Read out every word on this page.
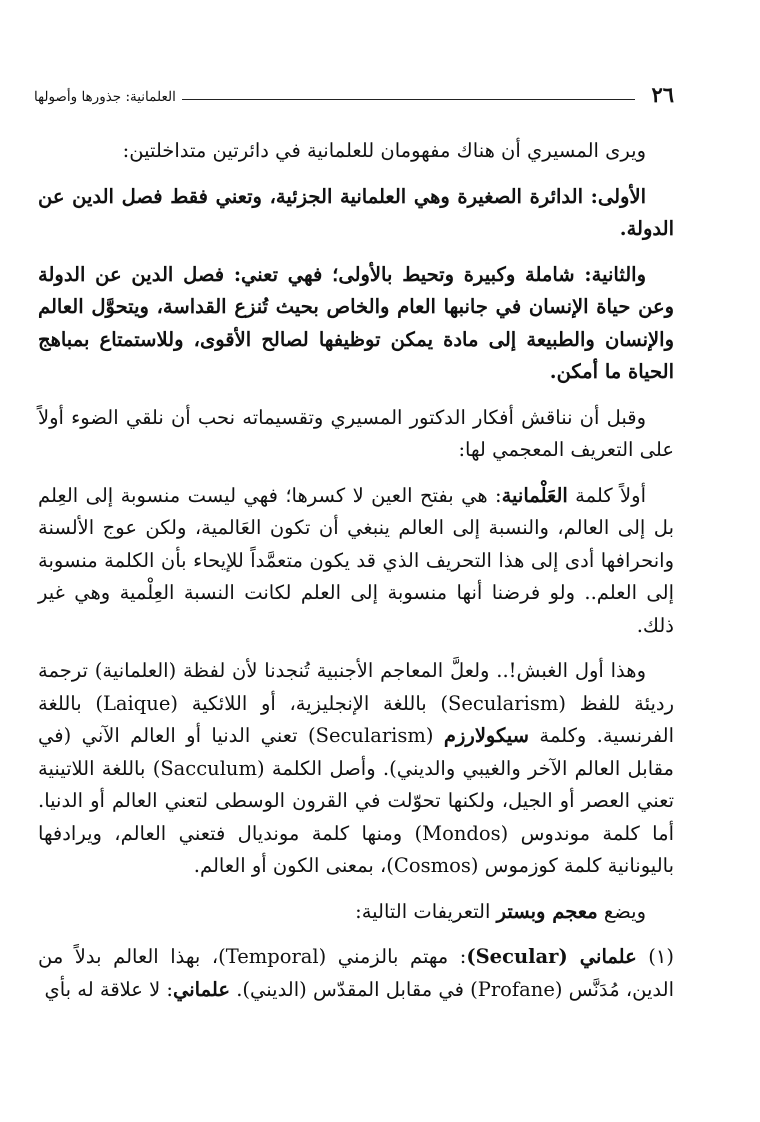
٢٦
العلمانية: جذورها وأصولها

ويرى المسيري أن هناك مفهومان للعلمانية في دائرتين متداخلتين:

الأولى: الدائرة الصغيرة وهي العلمانية الجزئية، وتعني فقط فصل الدين عن الدولة.

والثانية: شاملة وكبيرة وتحيط بالأولى؛ فهي تعني: فصل الدين عن الدولة وعن حياة الإنسان في جانبها العام والخاص بحيث تُنزع القداسة، ويتحوَّل العالم والإنسان والطبيعة إلى مادة يمكن توظيفها لصالح الأقوى، وللاستمتاع بمباهج الحياة ما أمكن.

وقبل أن نناقش أفكار الدكتور المسيري وتقسيماته نحب أن نلقي الضوء أولاً على التعريف المعجمي لها:

أولاً كلمة العَلْمانية: هي بفتح العين لا كسرها؛ فهي ليست منسوبة إلى العِلم بل إلى العالم، والنسبة إلى العالم ينبغي أن تكون العَالمية، ولكن عوج الألسنة وانحرافها أدى إلى هذا التحريف الذي قد يكون متعمَّداً للإيحاء بأن الكلمة منسوبة إلى العلم.. ولو فرضنا أنها منسوبة إلى العلم لكانت النسبة العِلْمية وهي غير ذلك.

وهذا أول الغبش!.. ولعلَّ المعاجم الأجنبية تُنجدنا لأن لفظة (العلمانية) ترجمة رديئة للفظ (Secularism) باللغة الإنجليزية، أو اللائكية (Laique) باللغة الفرنسية. وكلمة سيكولارزم (Secularism) تعني الدنيا أو العالم الآني (في مقابل العالم الآخر والغيبي والديني). وأصل الكلمة (Sacculum) باللغة اللاتينية تعني العصر أو الجيل، ولكنها تحوّلت في القرون الوسطى لتعني العالم أو الدنيا. أما كلمة موندوس (Mondos) ومنها كلمة مونديال فتعني العالم، ويرادفها باليونانية كلمة كوزموس (Cosmos)، بمعنى الكون أو العالم.

ويضع معجم وبستر التعريفات التالية:

(١) علماني (Secular): مهتم بالزمني (Temporal)، بهذا العالم بدلاً من الدين، مُدَنَّس (Profane) في مقابل المقدّس (الديني). علماني: لا علاقة له بأي
